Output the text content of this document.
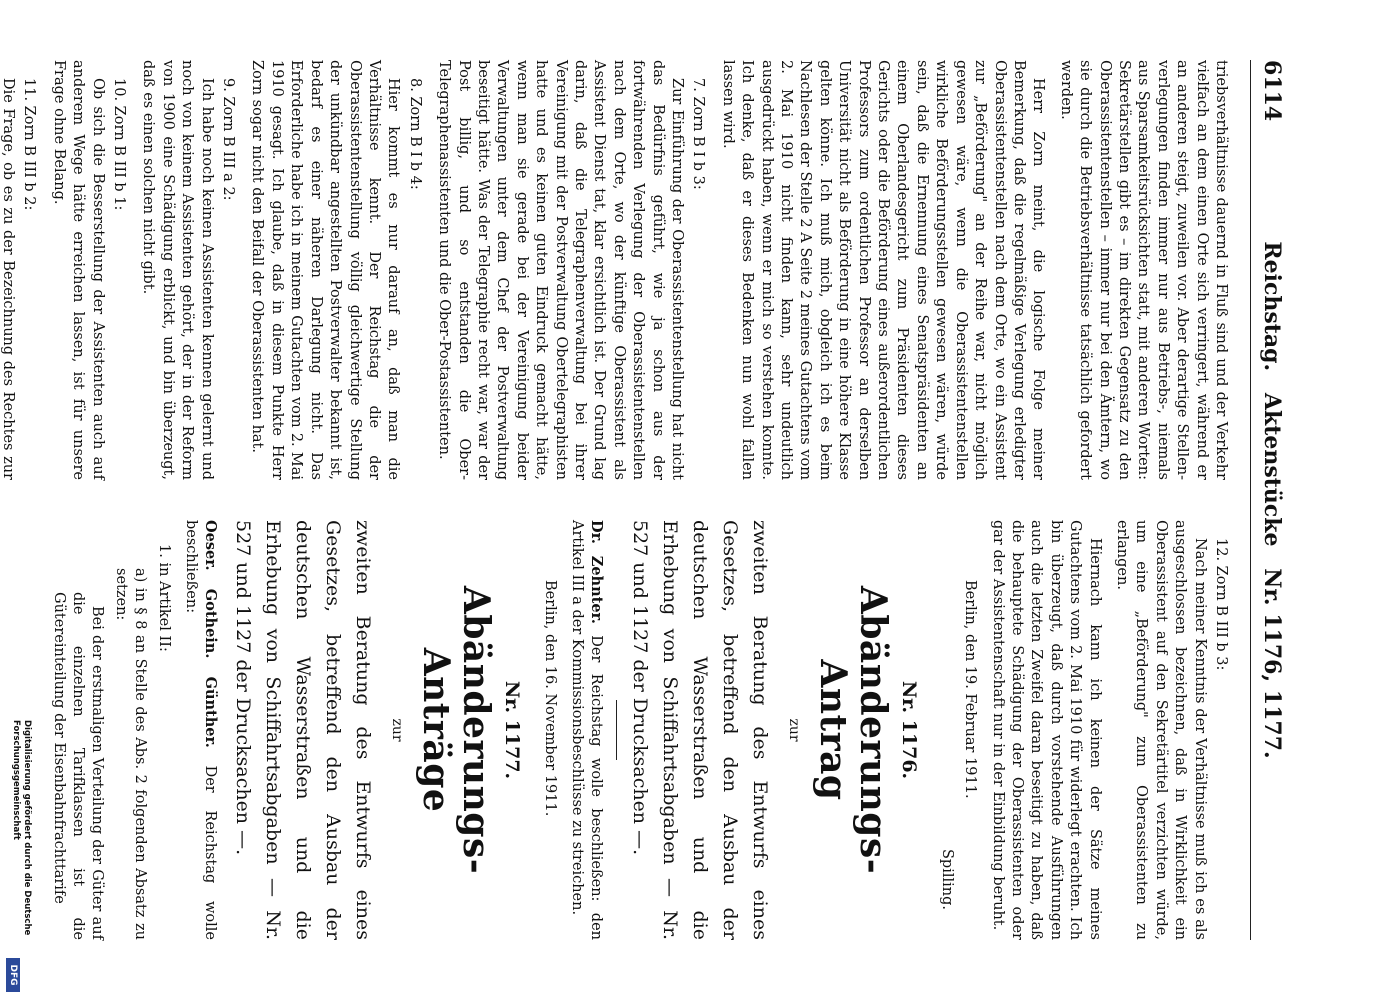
6114
Reichstag. Aktenstücke Nr. 1176, 1177.

triebsverhältnisse dauernd in Fluß sind und der Verkehr vielfach an dem einen Orte sich verringert, während er an anderen steigt, zuweilen vor. Aber derartige Stellen-verlegungen finden immer nur aus Betriebs-, niemals aus Sparsamkeitsrücksichten statt, mit anderen Worten: Sekretärstellen gibt es – im direkten Gegensatz zu den Oberassistentenstellen – immer nur bei den Ämtern, wo sie durch die Betriebsverhältnisse tatsächlich gefordert werden.

Herr Zorn meint, die logische Folge meiner Bemerkung, daß die regelmäßige Verlegung erledigter Oberassistentenstellen nach dem Orte, wo ein Assistent zur „Beförderung" an der Reihe war, nicht möglich gewesen wäre, wenn die Oberassistentenstellen wirkliche Beförderungsstellen gewesen wären, würde sein, daß die Ernennung eines Senatspräsidenten an einem Oberlandesgericht zum Präsidenten dieses Gerichts oder die Beförderung eines außerordentlichen Professors zum ordentlichen Professor an derselben Universität nicht als Beförderung in eine höhere Klasse gelten könne. Ich muß mich, obgleich ich es beim Nachlesen der Stelle 2 A Seite 2 meines Gutachtens vom 2. Mai 1910 nicht finden kann, sehr undeutlich ausgedrückt haben, wenn er mich so verstehen konnte. Ich denke, daß er dieses Bedenken nun wohl fallen lassen wird.

7. Zorn B I b 3:

Zur Einführung der Oberassistentenstellung hat nicht das Bedürfnis geführt, wie ja schon aus der fortwährenden Verlegung der Oberassistentenstellen nach dem Orte, wo der künftige Oberassistent als Assistent Dienst tat, klar ersichtlich ist. Der Grund lag darin, daß die Telegraphenverwaltung bei ihrer Vereinigung mit der Postverwaltung Obertelegraphisten hatte und es keinen guten Eindruck gemacht hätte, wenn man sie gerade bei der Vereinigung beider Verwaltungen unter dem Chef der Postverwaltung beseitigt hätte. Was der Telegraphie recht war, war der Post billig, und so entstanden die Ober-Telegraphenassistenten und die Ober-Postassistenten.

8. Zorn B I b 4:

Hier kommt es nur darauf an, daß man die Verhältnisse kennt. Der Reichstag die der Oberassistentenstellung völlig gleichwertige Stellung der unkündbar angestellten Postverwalter bekannt ist, bedarf es einer näheren Darlegung nicht. Das Erforderliche habe ich in meinem Gutachten vom 2. Mai 1910 gesagt. Ich glaube, daß in diesem Punkte Herr Zorn sogar nicht den Beifall der Oberassistenten hat.

9. Zorn B III a 2:

Ich habe noch keinen Assistenten kennen gelernt und noch von keinem Assistenten gehört, der in der Reform von 1900 eine Schädigung erblickt, und bin überzeugt, daß es einen solchen nicht gibt.

10. Zorn B III b 1:

Ob sich die Besserstellung der Assistenten auch auf anderem Wege hätte erreichen lassen, ist für unsere Frage ohne Belang.

11. Zorn B III b 2:

Die Frage, ob es zu der Bezeichnung des Rechtes zur

12. Zorn B III b 3:

Nach meiner Kenntnis der Verhältnisse muß ich es als ausgeschlossen bezeichnen, daß in Wirklichkeit ein Oberassistent auf den Sekretärtitel verzichten würde, um eine „Beförderung" zum Oberassistenten zu erlangen.

Hiernach kann ich keinen der Sätze meines Gutachtens vom 2. Mai 1910 für widerlegt erachten. Ich bin überzeugt, daß durch vorstehende Ausführungen auch die letzten Zweifel daran beseitigt zu haben, daß die behauptete Schädigung der Oberassistenten oder gar der Assistentenschaft nur in der Einbildung beruht.

Berlin, den 19. Februar 1911.

Spilling.

Nr. 1176.
Abänderungs-Antrag
zur
zweiten Beratung des Entwurfs eines Gesetzes, betreffend den Ausbau der deutschen Wasserstraßen und die Erhebung von Schiffahrtsabgaben — Nr. 527 und 1127 der Drucksachen —.

Dr. Zehnter. Der Reichstag wolle beschließen: den Artikel III a der Kommissionsbeschlüsse zu streichen.

Berlin, den 16. November 1911.

Nr. 1177.
Abänderungs-Anträge
zur
zweiten Beratung des Entwurfs eines Gesetzes, betreffend den Ausbau der deutschen Wasserstraßen und die Erhebung von Schiffahrtsabgaben — Nr. 527 und 1127 der Drucksachen —.

Oeser. Gothein. Günther. Der Reichstag wolle beschließen:

1. in Artikel II:
a) in § 8 an Stelle des Abs. 2 folgenden Absatz zu setzen:
Bei der erstmaligen Verteilung der Güter auf die einzelnen Tarifklassen ist die Gütereinteilung der Eisenbahnfrachttarife
Digitalisierung gefördert durch die Deutsche Forschungsgemeinschaft
DFG
